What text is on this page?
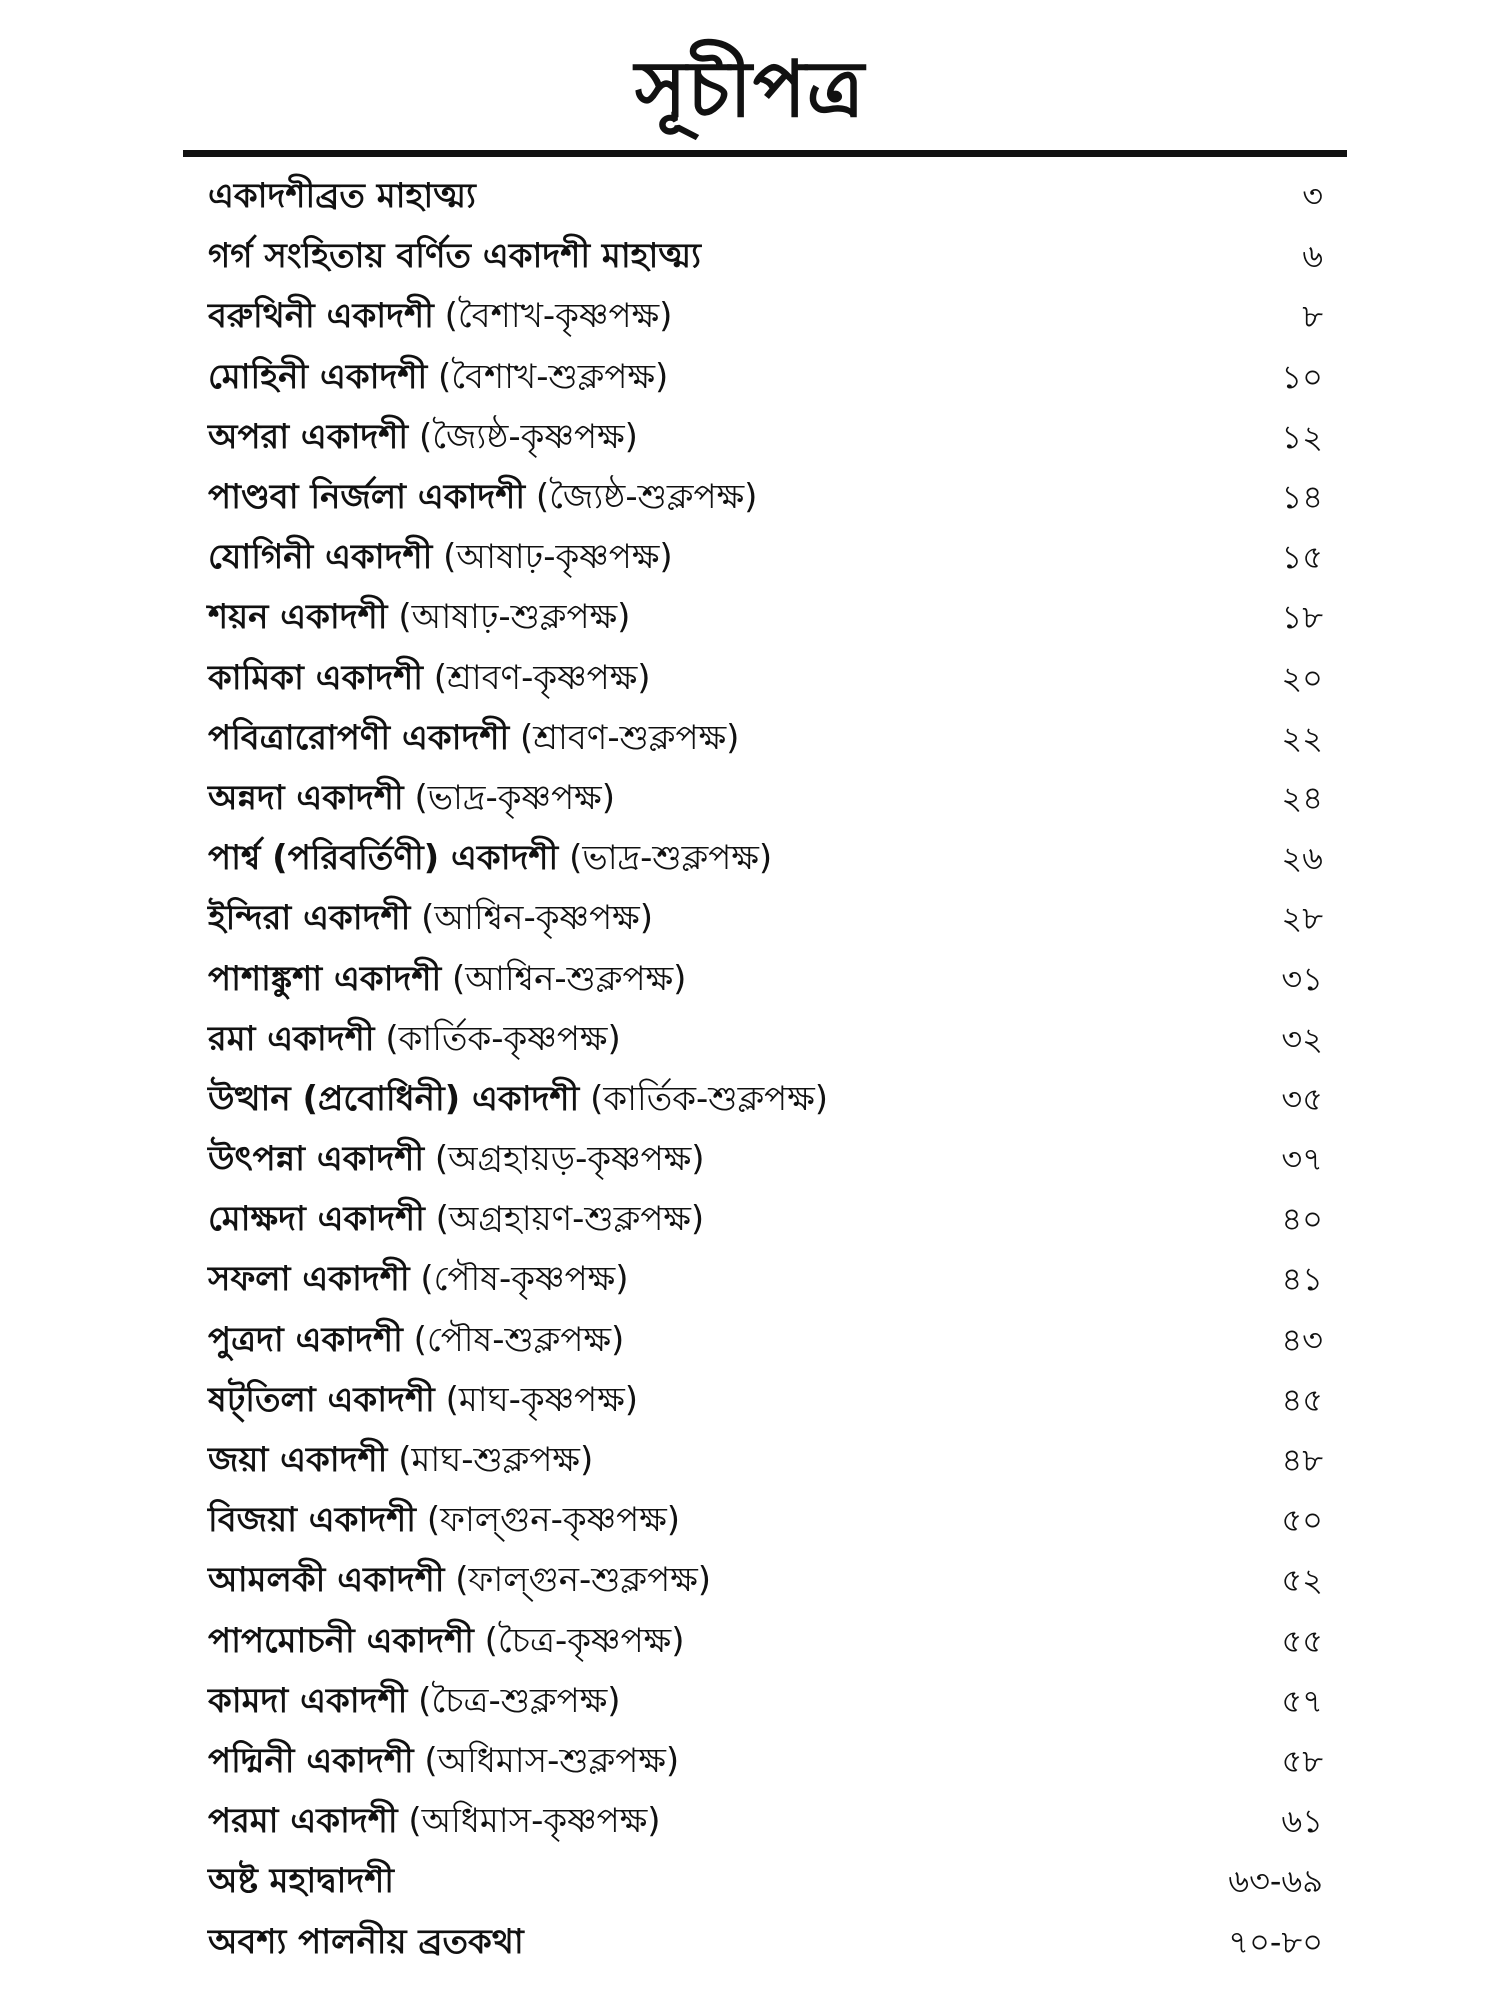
সূচীপত্র
একাদশীব্রত মাহাত্ম্য	৩
গর্গ সংহিতায় বর্ণিত একাদশী মাহাত্ম্য	৬
বরুথিনী একাদশী (বৈশাখ-কৃষ্ণপক্ষ)	৮
মোহিনী একাদশী (বৈশাখ-শুক্লপক্ষ)	১০
অপরা একাদশী (জ্যৈষ্ঠ-কৃষ্ণপক্ষ)	১২
পাণ্ডবা নির্জলা একাদশী (জ্যৈষ্ঠ-শুক্লপক্ষ)	১৪
যোগিনী একাদশী (আষাঢ়-কৃষ্ণপক্ষ)	১৫
শয়ন একাদশী (আষাঢ়-শুক্লপক্ষ)	১৮
কামিকা একাদশী (শ্রাবণ-কৃষ্ণপক্ষ)	২০
পবিত্রারোপণী একাদশী (শ্রাবণ-শুক্লপক্ষ)	২২
অন্নদা একাদশী (ভাদ্র-কৃষ্ণপক্ষ)	২৪
পার্শ্ব (পরিবর্তিণী) একাদশী (ভাদ্র-শুক্লপক্ষ)	২৬
ইন্দিরা একাদশী (আশ্বিন-কৃষ্ণপক্ষ)	২৮
পাশাঙ্কুশা একাদশী (আশ্বিন-শুক্লপক্ষ)	৩১
রমা একাদশী (কার্তিক-কৃষ্ণপক্ষ)	৩২
উত্থান (প্রবোধিনী) একাদশী (কার্তিক-শুক্লপক্ষ)	৩৫
উৎপন্না একাদশী (অগ্রহায়ড়-কৃষ্ণপক্ষ)	৩৭
মোক্ষদা একাদশী (অগ্রহায়ণ-শুক্লপক্ষ)	৪০
সফলা একাদশী (পৌষ-কৃষ্ণপক্ষ)	৪১
পুত্রদা একাদশী (পৌষ-শুক্লপক্ষ)	৪৩
ষট্‌তিলা একাদশী (মাঘ-কৃষ্ণপক্ষ)	৪৫
জয়া একাদশী (মাঘ-শুক্লপক্ষ)	৪৮
বিজয়া একাদশী (ফাল্গুন-কৃষ্ণপক্ষ)	৫০
আমলকী একাদশী (ফাল্গুন-শুক্লপক্ষ)	৫২
পাপমোচনী একাদশী (চৈত্র-কৃষ্ণপক্ষ)	৫৫
কামদা একাদশী (চৈত্র-শুক্লপক্ষ)	৫৭
পদ্মিনী একাদশী (অধিমাস-শুক্লপক্ষ)	৫৮
পরমা একাদশী (অধিমাস-কৃষ্ণপক্ষ)	৬১
অষ্ট মহাদ্বাদশী	৬৩-৬৯
অবশ্য পালনীয় ব্রতকথা	৭০-৮০
